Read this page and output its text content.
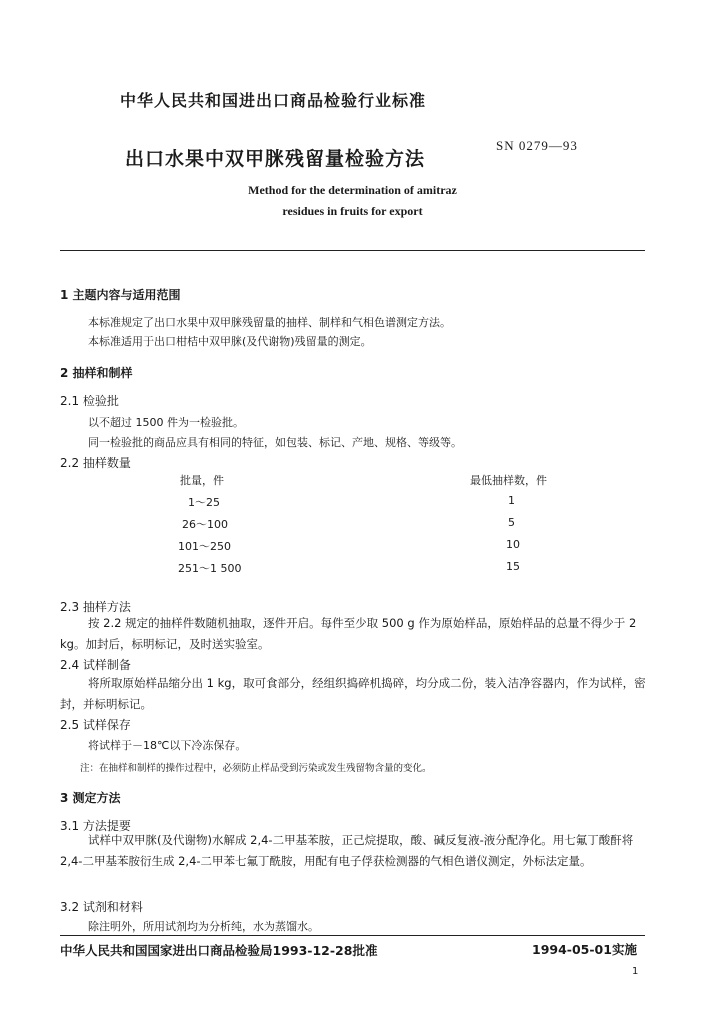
中华人民共和国进出口商品检验行业标准
出口水果中双甲脒残留量检验方法
SN 0279—93
Method for the determination of amitraz
residues in fruits for export
1 主题内容与适用范围
本标准规定了出口水果中双甲脒残留量的抽样、制样和气相色谱测定方法。
本标准适用于出口柑桔中双甲脒(及代谢物)残留量的测定。
2 抽样和制样
2.1 检验批
以不超过 1500 件为一检验批。
同一检验批的商品应具有相同的特征，如包装、标记、产地、规格、等级等。
2.2 抽样数量
批量，件	最低抽样数，件
1～25	1
26～100	5
101～250	10
251～1 500	15
2.3 抽样方法
按 2.2 规定的抽样件数随机抽取，逐件开启。每件至少取 500 g 作为原始样品，原始样品的总量不得少于 2 kg。加封后，标明标记，及时送实验室。
2.4 试样制备
将所取原始样品缩分出 1 kg，取可食部分，经组织捣碎机捣碎，均分成二份，装入洁净容器内，作为试样，密封，并标明标记。
2.5 试样保存
将试样于－18℃以下冷冻保存。
注：在抽样和制样的操作过程中，必须防止样品受到污染或发生残留物含量的变化。
3 测定方法
3.1 方法提要
试样中双甲脒(及代谢物)水解成 2,4-二甲基苯胺，正己烷提取，酸、碱反复液-液分配净化。用七氟丁酸酐将 2,4-二甲基苯胺衍生成 2,4-二甲苯七氟丁酰胺，用配有电子俘获检测器的气相色谱仪测定，外标法定量。
3.2 试剂和材料
除注明外，所用试剂均为分析纯，水为蒸馏水。
中华人民共和国国家进出口商品检验局1993-12-28批准	1994-05-01实施
1
